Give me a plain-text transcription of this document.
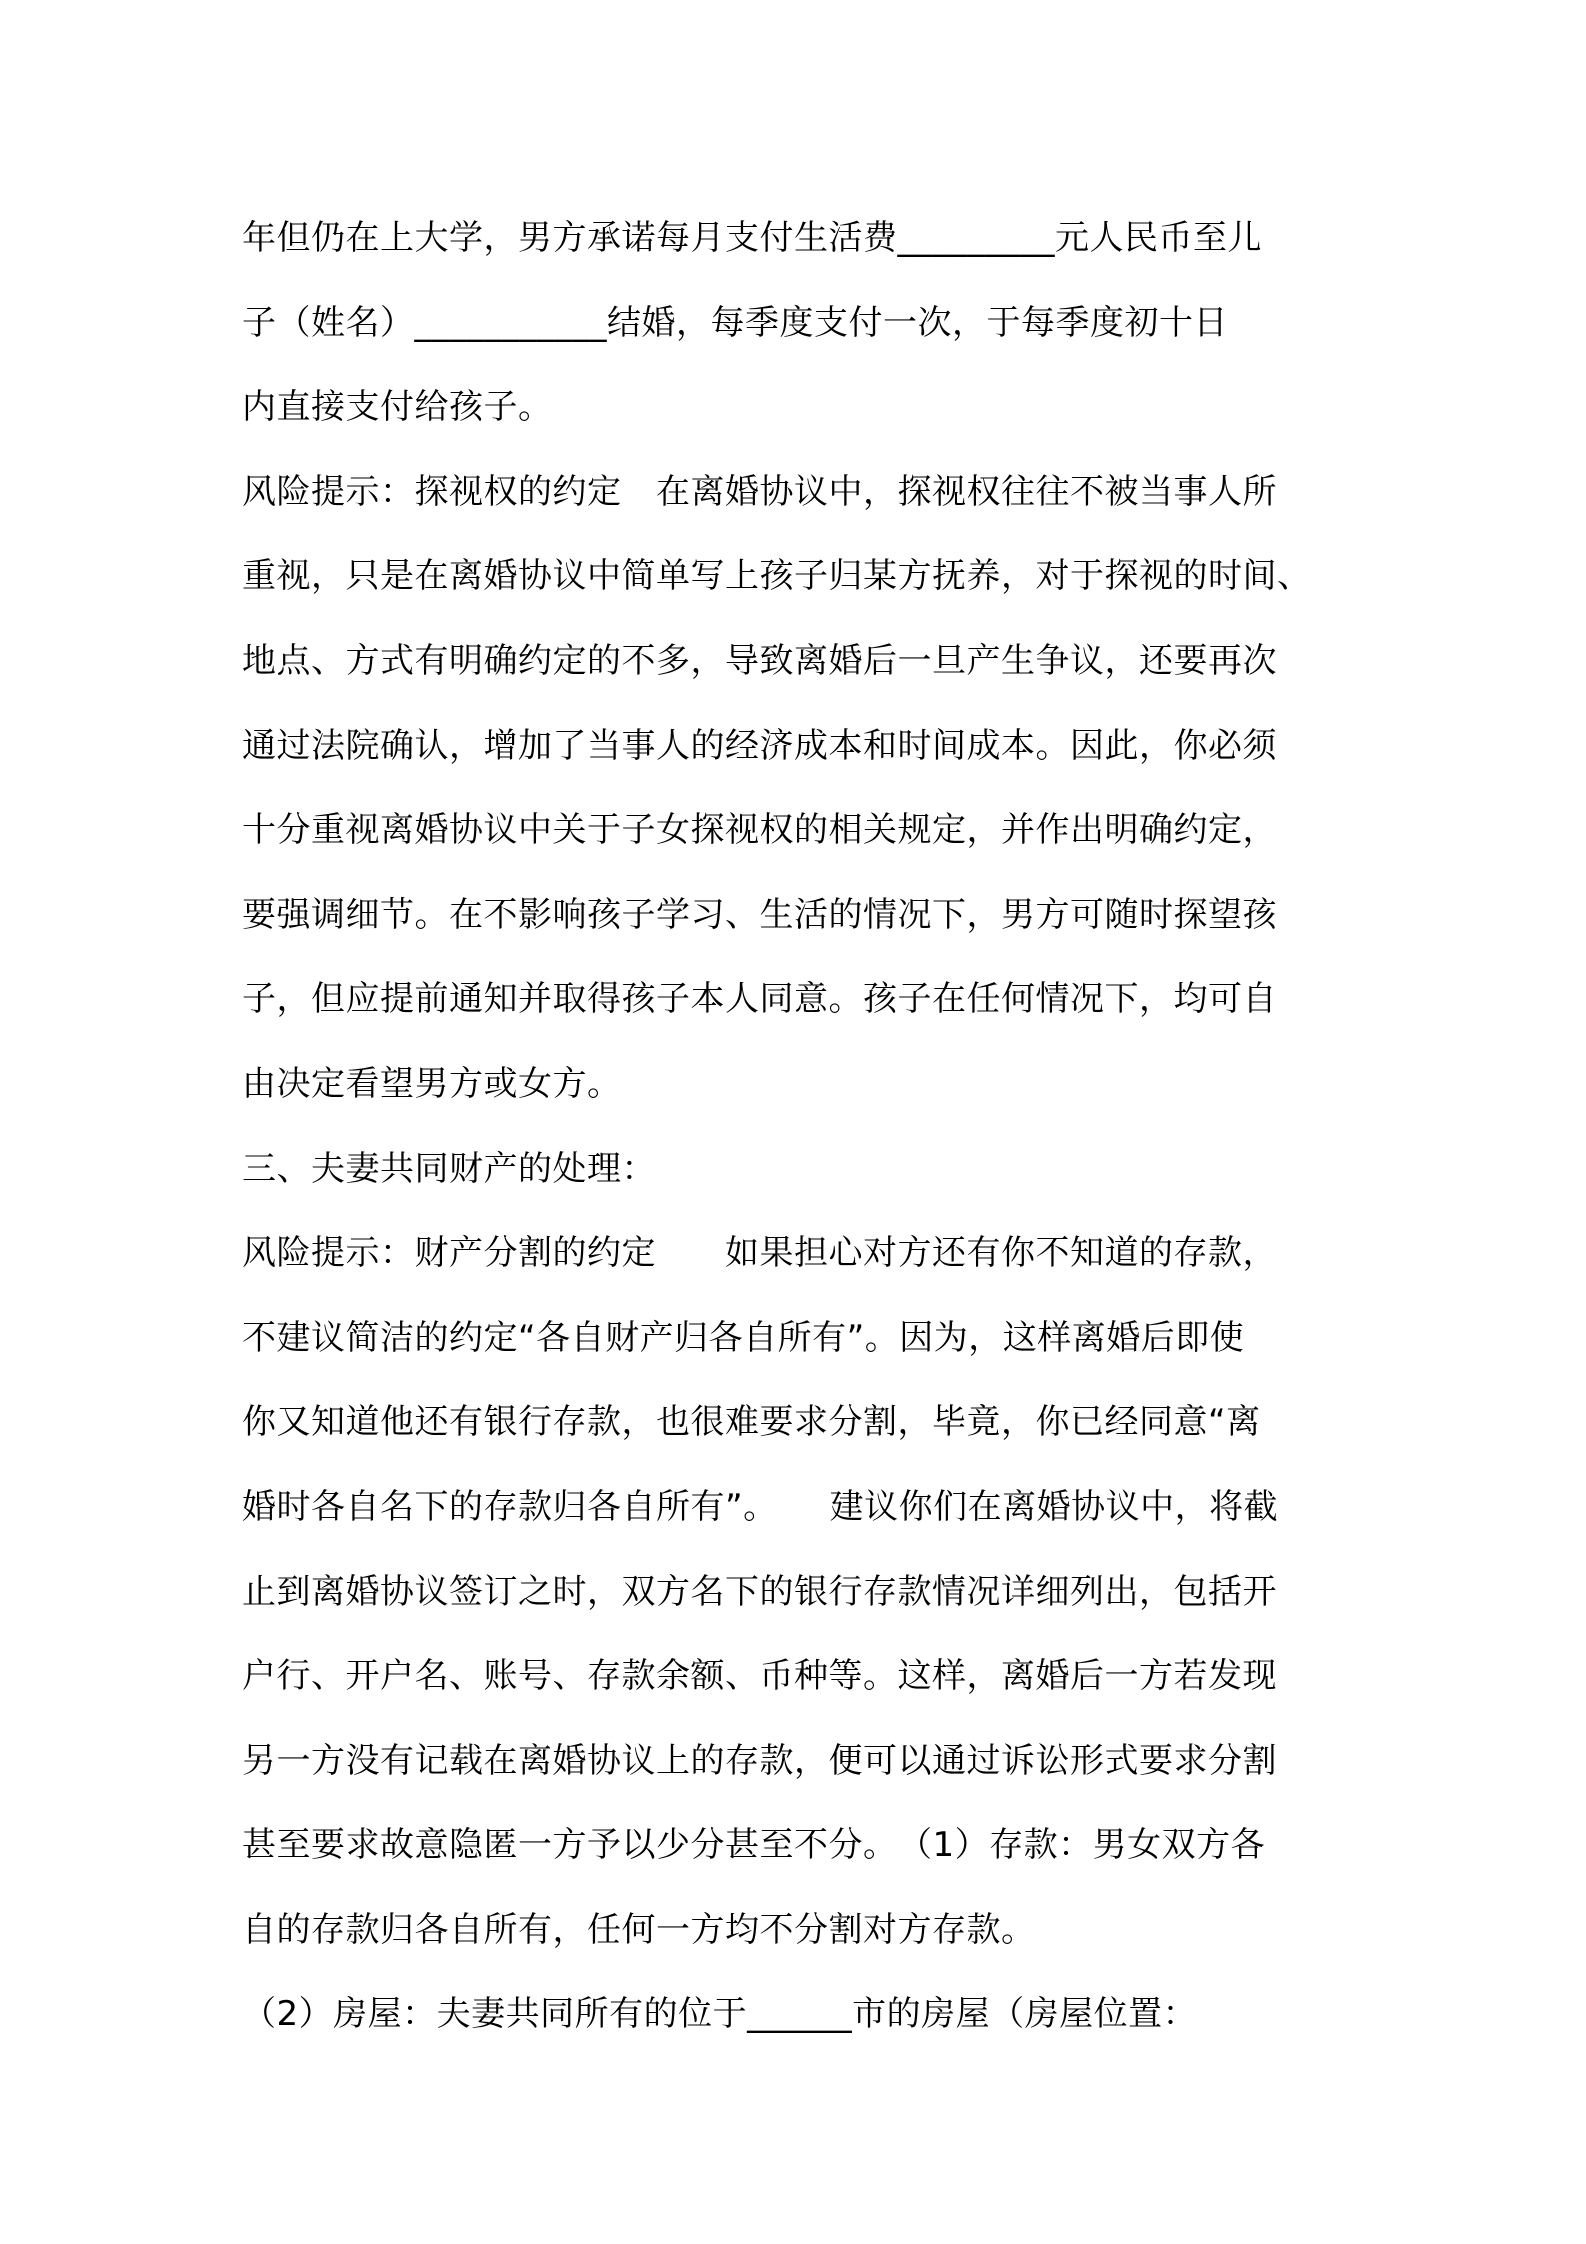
年但仍在上大学，男方承诺每月支付生活费_________元人民币至儿
子（姓名）___________结婚，每季度支付一次，于每季度初十日
内直接支付给孩子。
风险提示：探视权的约定　在离婚协议中，探视权往往不被当事人所
重视，只是在离婚协议中简单写上孩子归某方抚养，对于探视的时间、
地点、方式有明确约定的不多，导致离婚后一旦产生争议，还要再次
通过法院确认，增加了当事人的经济成本和时间成本。因此，你必须
十分重视离婚协议中关于子女探视权的相关规定，并作出明确约定，
要强调细节。在不影响孩子学习、生活的情况下，男方可随时探望孩
子，但应提前通知并取得孩子本人同意。孩子在任何情况下，均可自
由决定看望男方或女方。
三、夫妻共同财产的处理：
风险提示：财产分割的约定　　如果担心对方还有你不知道的存款，
不建议简洁的约定“各自财产归各自所有”。因为，这样离婚后即使
你又知道他还有银行存款，也很难要求分割，毕竟，你已经同意“离
婚时各自名下的存款归各自所有”。　　建议你们在离婚协议中，将截
止到离婚协议签订之时，双方名下的银行存款情况详细列出，包括开
户行、开户名、账号、存款余额、币种等。这样，离婚后一方若发现
另一方没有记载在离婚协议上的存款，便可以通过诉讼形式要求分割
甚至要求故意隐匿一方予以少分甚至不分。　（1）存款：男女双方各
自的存款归各自所有，任何一方均不分割对方存款。
（2）房屋：夫妻共同所有的位于______市的房屋（房屋位置：
